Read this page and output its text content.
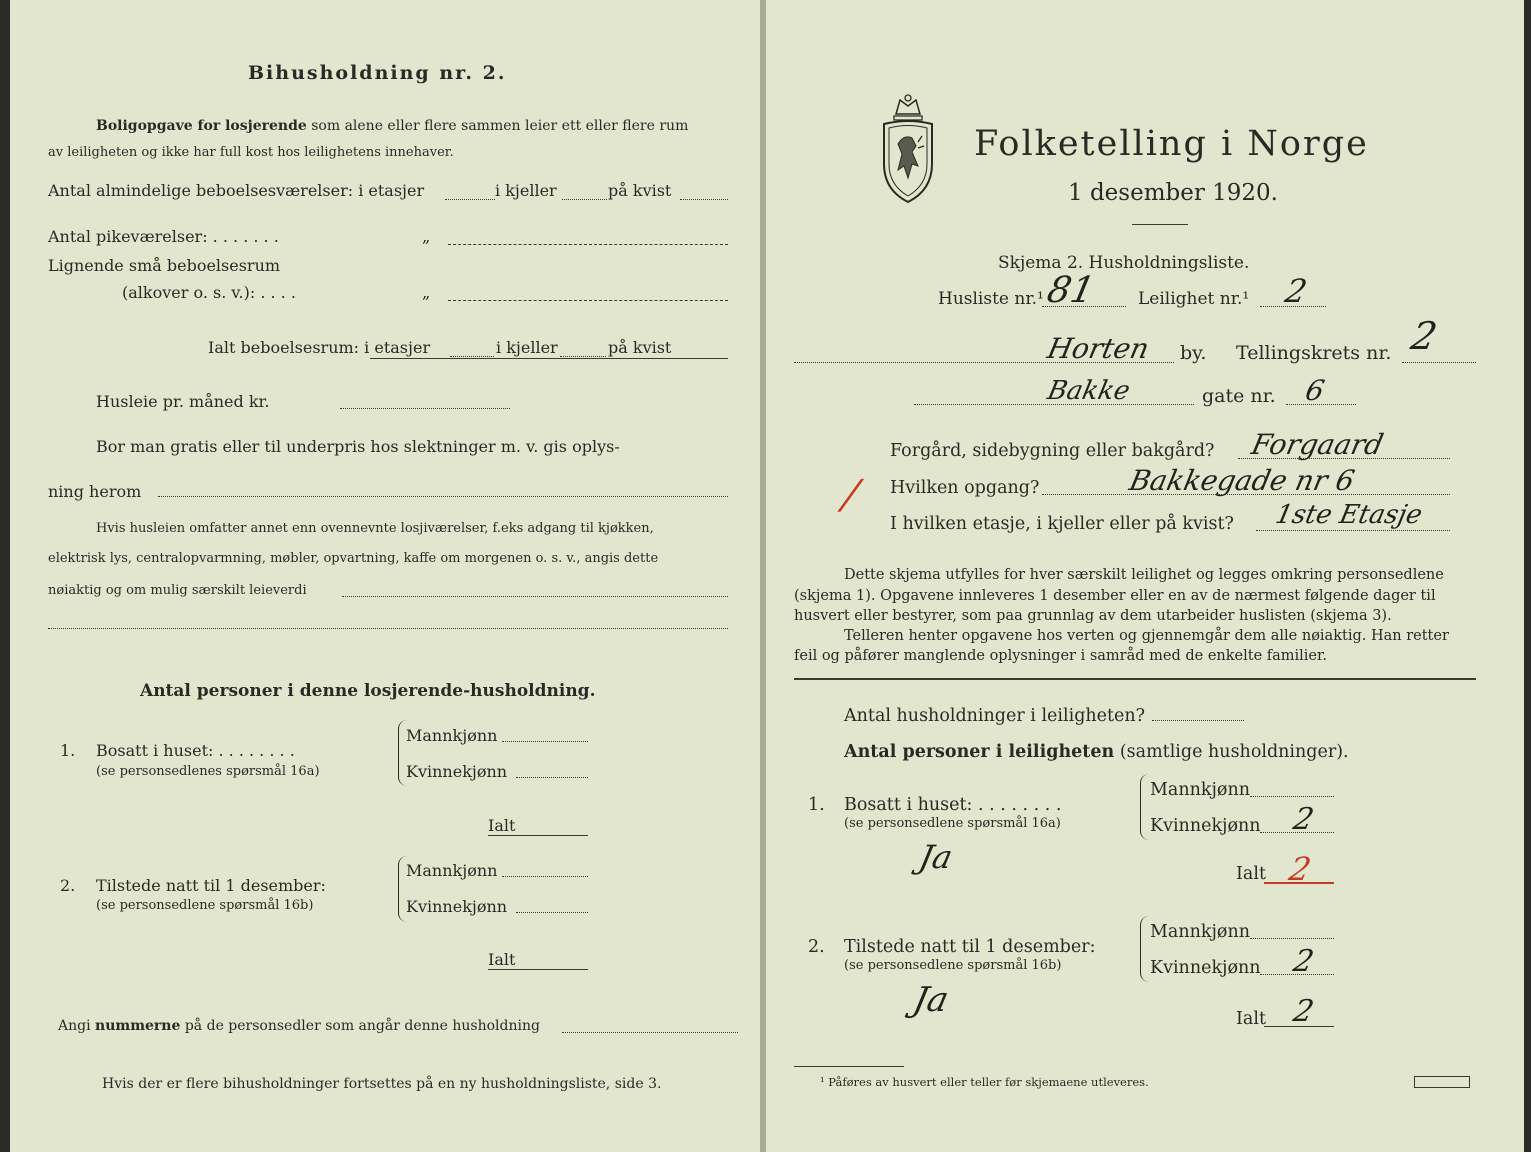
Bihusholdning nr. 2.
Boligopgave for losjerende som alene eller flere sammen leier ett eller flere rum
av leiligheten og ikke har full kost hos leilighetens innehaver.
Antal almindelige beboelsesværelser: i etasjer	i kjeller	på kvist
Antal pikeværelser: . . . . . . .	„
Lignende små beboelsesrum
(alkover o. s. v.): . . . .	„
Ialt beboelsesrum: i etasjer	i kjeller	på kvist
Husleie pr. måned kr.
Bor man gratis eller til underpris hos slektninger m. v. gis oplys-
ning herom
Hvis husleien omfatter annet enn ovennevnte losjiværelser, f.eks adgang til kjøkken,
elektrisk lys, centralopvarmning, møbler, opvartning, kaffe om morgenen o. s. v., angis dette
nøiaktig og om mulig særskilt leieverdi
Antal personer i denne losjerende-husholdning.
1. Bosatt i huset: . . . . . . . .
(se personsedlenes spørsmål 16a)
Mannkjønn
Kvinnekjønn
Ialt
2. Tilstede natt til 1 desember:
(se personsedlene spørsmål 16b)
Mannkjønn
Kvinnekjønn
Ialt
Angi nummerne på de personsedler som angår denne husholdning
Hvis der er flere bihusholdninger fortsettes på en ny husholdningsliste, side 3.
Folketelling i Norge
1 desember 1920.
Skjema 2. Husholdningsliste.
Husliste nr.¹ 81 Leilighet nr.¹ 2
Horten by. Tellingskrets nr. 2
Bakke	gate nr. 6
Forgård, sidebygning eller bakgård? Forgaard
/ Hvilken opgang?	Bakkegade nr 6
I hvilken etasje, i kjeller eller på kvist? 1ste Etasje
Dette skjema utfylles for hver særskilt leilighet og legges omkring personsedlene
(skjema 1). Opgavene innleveres 1 desember eller en av de nærmest følgende dager til
husvert eller bestyrer, som paa grunnlag av dem utarbeider huslisten (skjema 3).
Telleren henter opgavene hos verten og gjennemgår dem alle nøiaktig. Han retter
feil og påfører manglende oplysninger i samråd med de enkelte familier.
Antal husholdninger i leiligheten?
Antal personer i leiligheten (samtlige husholdninger).
1. Bosatt i huset: . . . . . . . .
(se personsedlene spørsmål 16a)
Mannkjønn
Kvinnekjønn 2
Ja	Ialt 2
2. Tilstede natt til 1 desember:
(se personsedlene spørsmål 16b)
Mannkjønn
Kvinnekjønn 2
Ja	Ialt 2
¹ Påføres av husvert eller teller før skjemaene utleveres.
